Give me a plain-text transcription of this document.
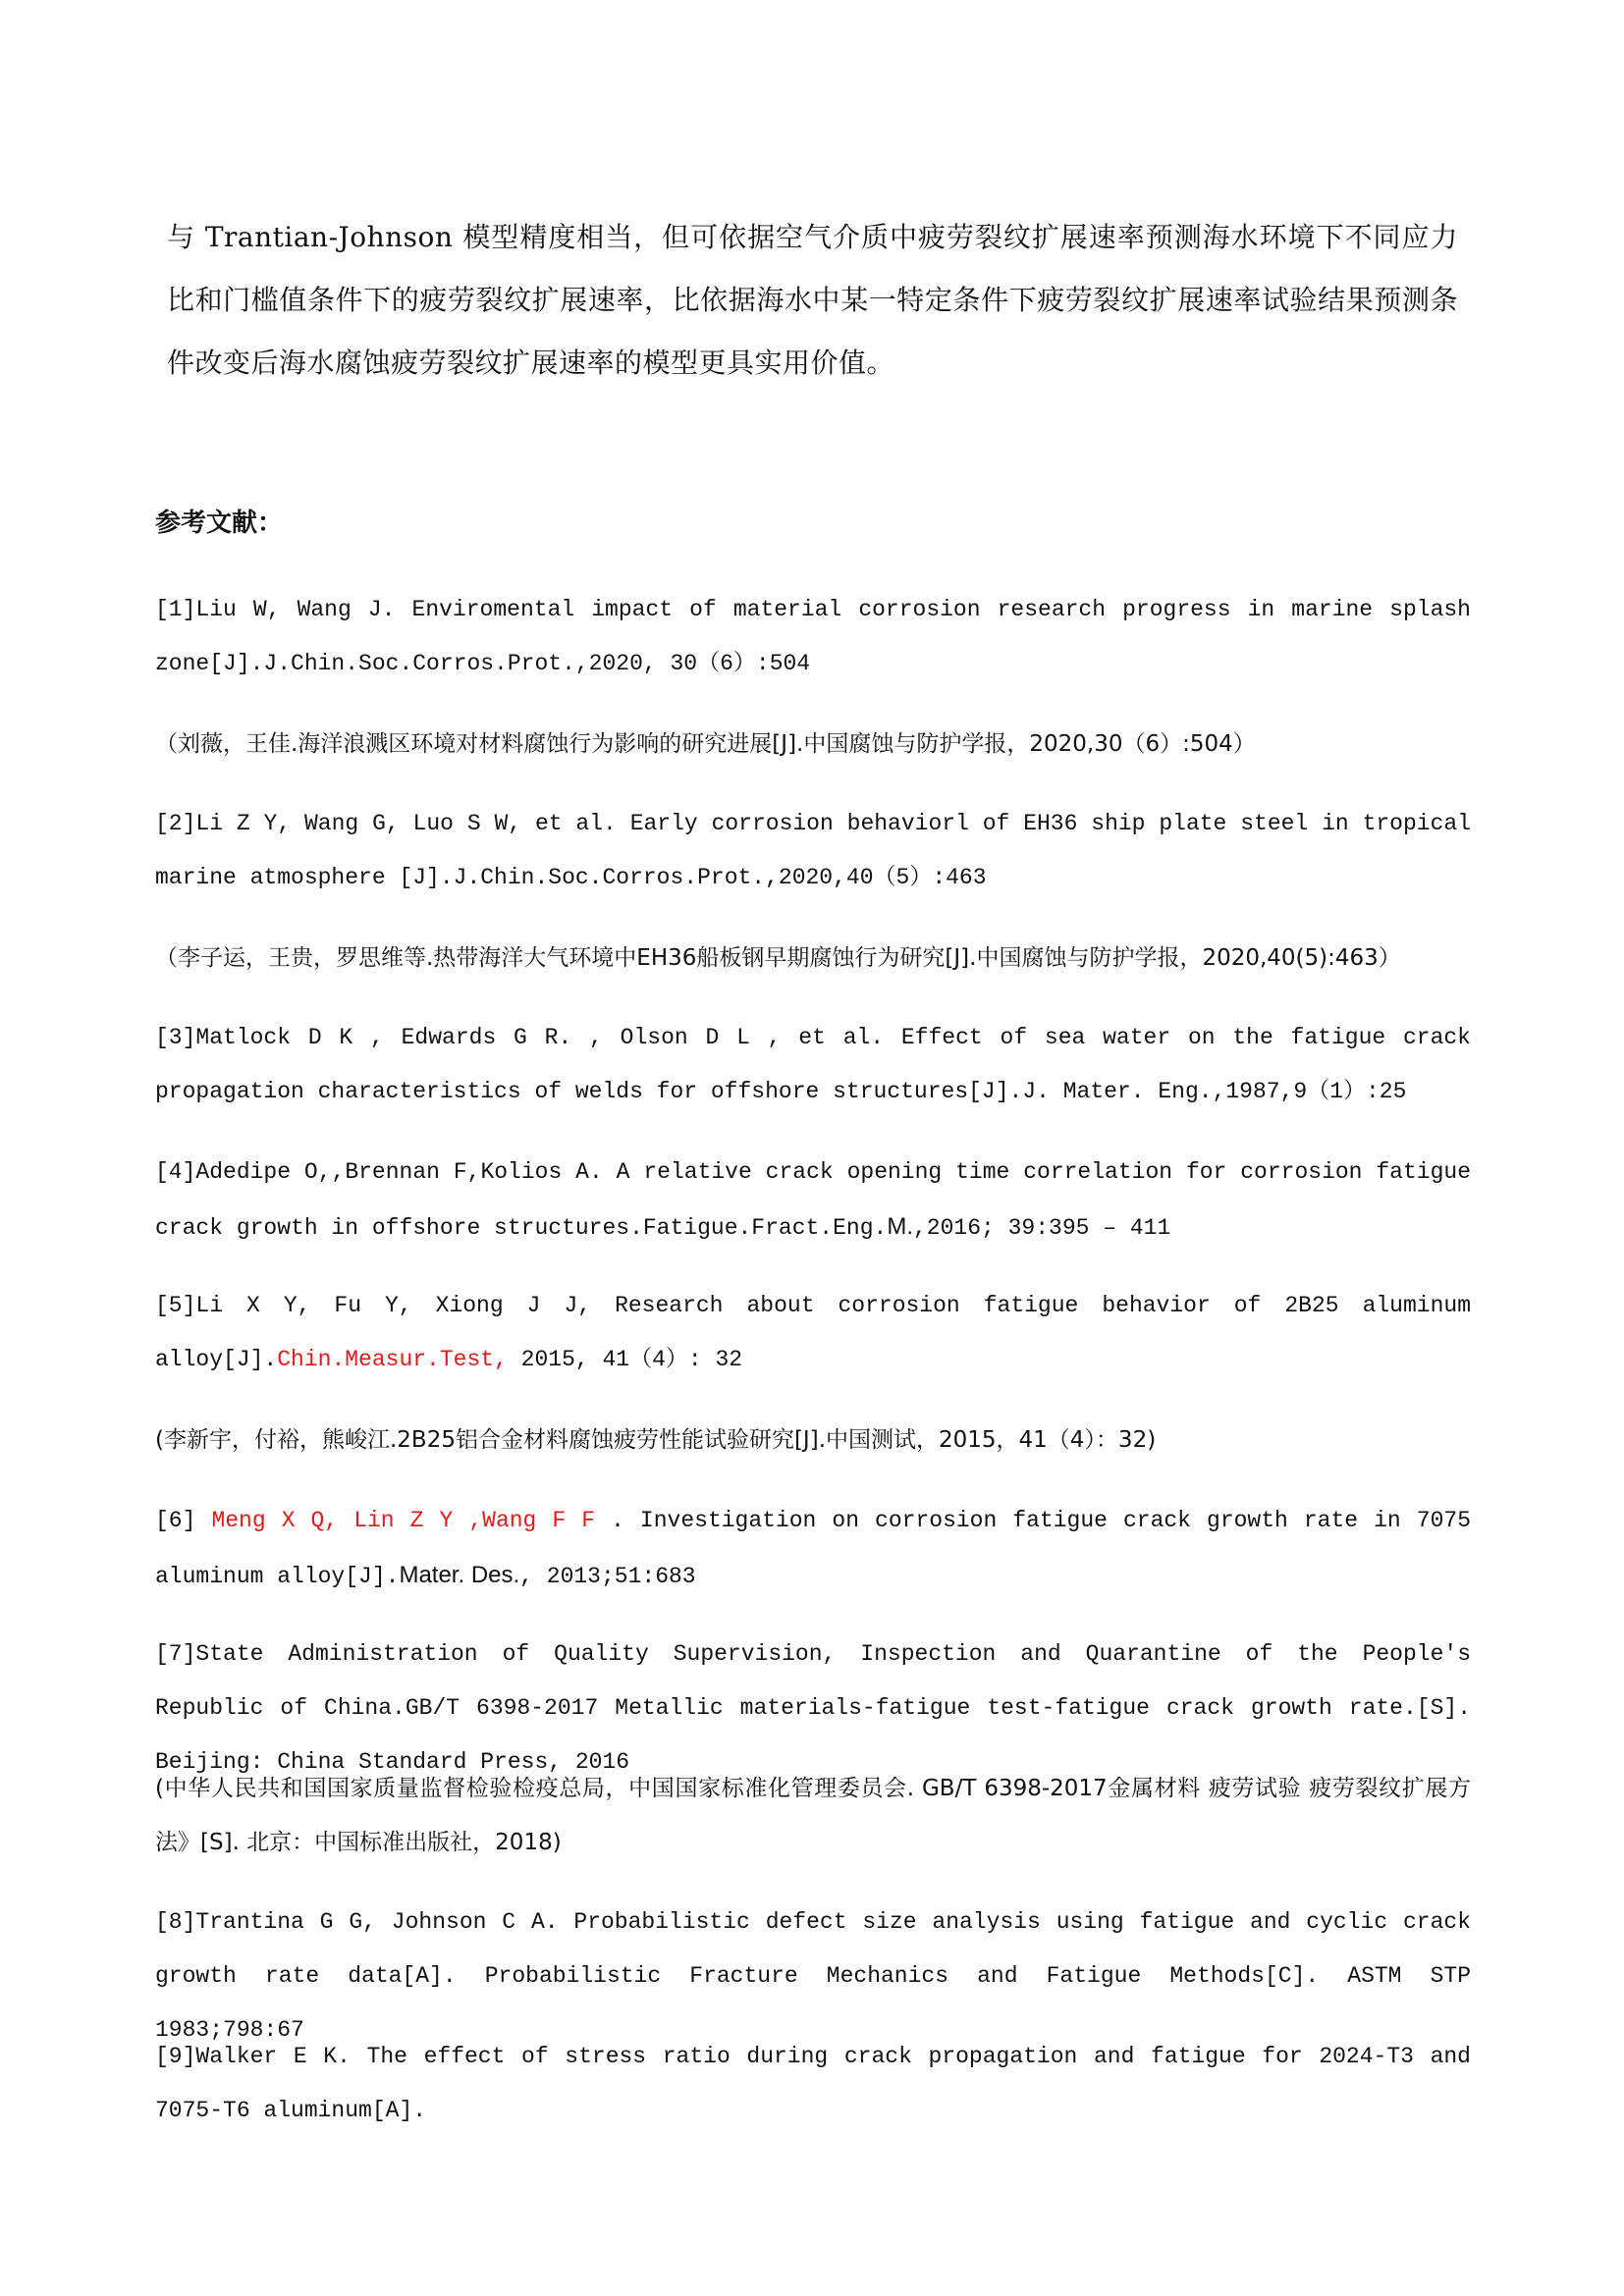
与 Trantian-Johnson 模型精度相当，但可依据空气介质中疲劳裂纹扩展速率预测海水环境下不同应力比和门槛值条件下的疲劳裂纹扩展速率，比依据海水中某一特定条件下疲劳裂纹扩展速率试验结果预测条件改变后海水腐蚀疲劳裂纹扩展速率的模型更具实用价值。

参考文献：

[1]Liu W, Wang J. Enviromental impact of material corrosion research progress in marine splash zone[J].J.Chin.Soc.Corros.Prot.,2020, 30（6）:504

（刘薇，王佳.海洋浪溅区环境对材料腐蚀行为影响的研究进展[J].中国腐蚀与防护学报，2020,30（6）:504）

[2]Li Z Y, Wang G, Luo S W, et al. Early corrosion behaviorl of EH36 ship plate steel in tropical marine atmosphere [J].J.Chin.Soc.Corros.Prot.,2020,40（5）:463

（李子运，王贵，罗思维等.热带海洋大气环境中EH36船板钢早期腐蚀行为研究[J].中国腐蚀与防护学报，2020,40(5):463）

[3]Matlock D K , Edwards G R. , Olson D L , et al. Effect of sea water on the fatigue crack propagation characteristics of welds for offshore structures[J].J. Mater. Eng.,1987,9（1）:25

[4]Adedipe O,,Brennan F,Kolios A. A relative crack opening time correlation for corrosion fatigue crack growth in offshore structures.Fatigue.Fract.Eng.M.,2016; 39:395 – 411

[5]Li X Y, Fu Y, Xiong J J, Research about corrosion fatigue behavior of 2B25 aluminum alloy[J].Chin.Measur.Test, 2015, 41（4）: 32

(李新宇，付裕，熊峻江.2B25铝合金材料腐蚀疲劳性能试验研究[J].中国测试，2015，41（4）：32)

[6] Meng X Q, Lin Z Y ,Wang F F . Investigation on corrosion fatigue crack growth rate in 7075 aluminum alloy[J].Mater. Des., 2013;51:683

[7]State Administration of Quality Supervision, Inspection and Quarantine of the People's Republic of China.GB/T 6398-2017 Metallic materials-fatigue test-fatigue crack growth rate.[S]. Beijing: China Standard Press, 2016

(中华人民共和国国家质量监督检验检疫总局，中国国家标准化管理委员会. GB/T 6398-2017金属材料 疲劳试验 疲劳裂纹扩展方法》[S]. 北京：中国标准出版社，2018)

[8]Trantina G G, Johnson C A. Probabilistic defect size analysis using fatigue and cyclic crack growth rate data[A]. Probabilistic Fracture Mechanics and Fatigue Methods[C]. ASTM STP 1983;798:67

[9]Walker E K. The effect of stress ratio during crack propagation and fatigue for 2024-T3 and 7075-T6 aluminum[A].
